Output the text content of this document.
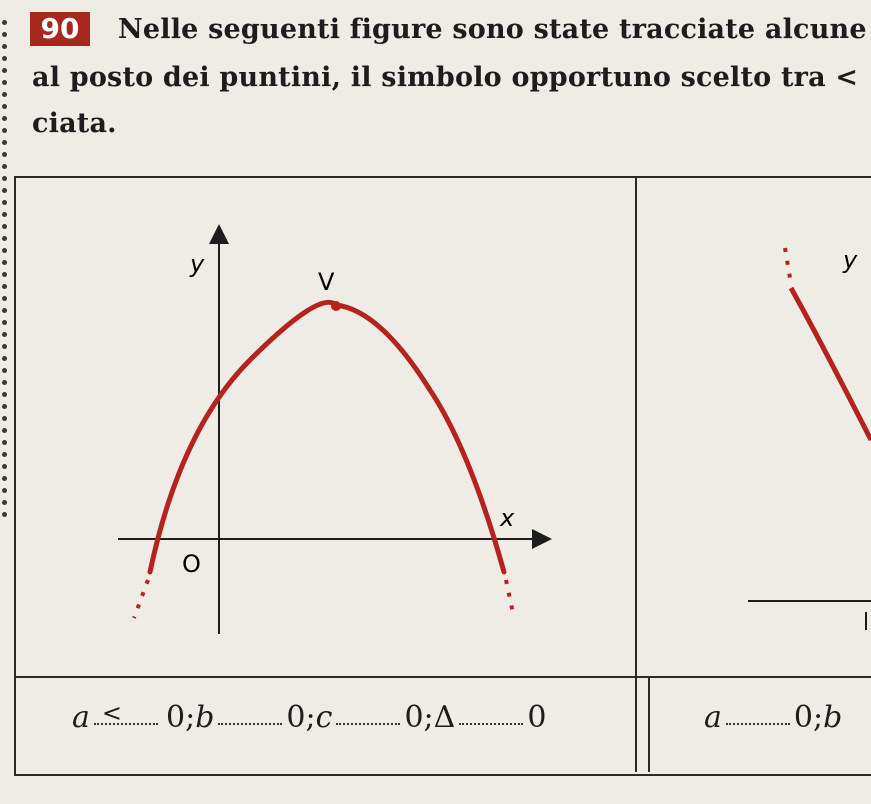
90	Nelle seguenti figure sono state tracciate alcune
al posto dei puntini, il simbolo opportuno scelto tra <
ciata.
y
x
O
V
y
a < 0; b 0; c 0; Δ 0	a 0; b
